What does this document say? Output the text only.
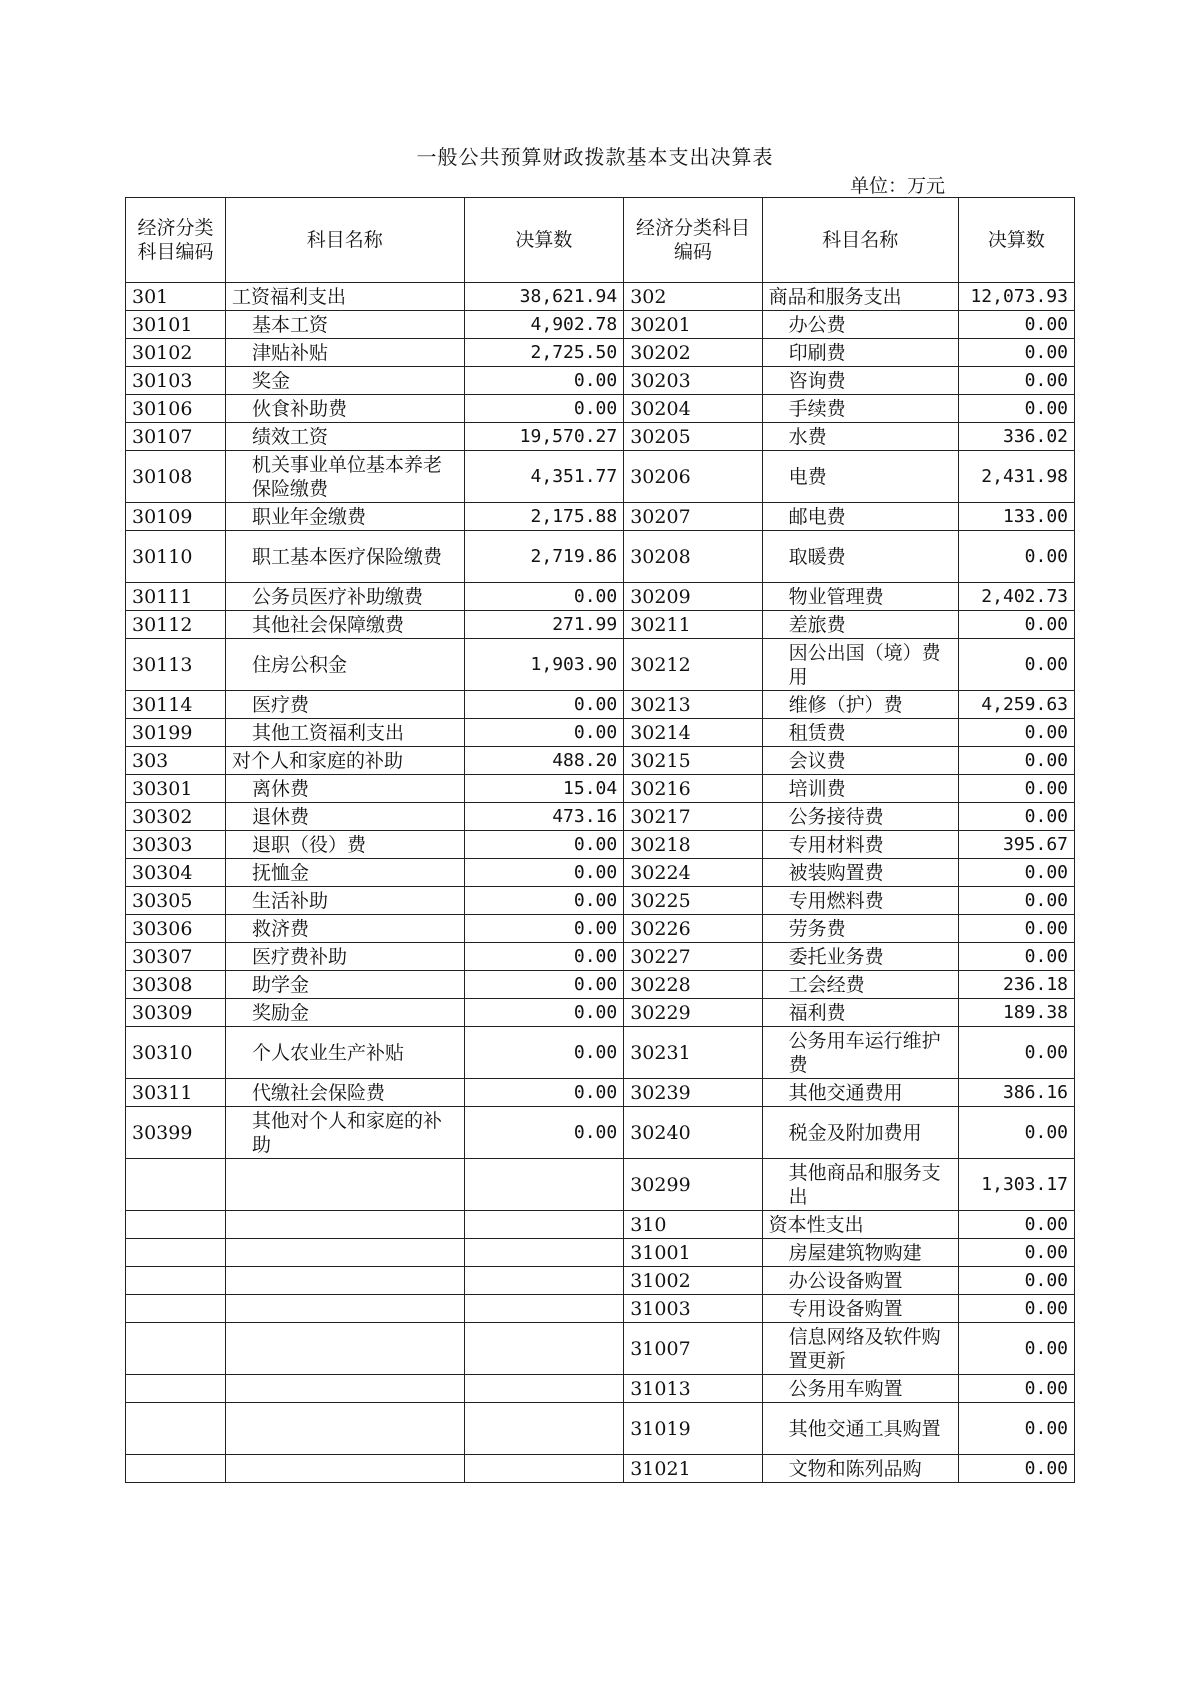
一般公共预算财政拨款基本支出决算表
单位：万元
经济分类科目编码	科目名称	决算数	经济分类科目编码	科目名称	决算数
301	工资福利支出	38,621.94	302	商品和服务支出	12,073.93
30101	基本工资	4,902.78	30201	办公费	0.00
30102	津贴补贴	2,725.50	30202	印刷费	0.00
30103	奖金	0.00	30203	咨询费	0.00
30106	伙食补助费	0.00	30204	手续费	0.00
30107	绩效工资	19,570.27	30205	水费	336.02
30108	机关事业单位基本养老保险缴费	4,351.77	30206	电费	2,431.98
30109	职业年金缴费	2,175.88	30207	邮电费	133.00
30110	职工基本医疗保险缴费	2,719.86	30208	取暖费	0.00
30111	公务员医疗补助缴费	0.00	30209	物业管理费	2,402.73
30112	其他社会保障缴费	271.99	30211	差旅费	0.00
30113	住房公积金	1,903.90	30212	因公出国（境）费用	0.00
30114	医疗费	0.00	30213	维修（护）费	4,259.63
30199	其他工资福利支出	0.00	30214	租赁费	0.00
303	对个人和家庭的补助	488.20	30215	会议费	0.00
30301	离休费	15.04	30216	培训费	0.00
30302	退休费	473.16	30217	公务接待费	0.00
30303	退职（役）费	0.00	30218	专用材料费	395.67
30304	抚恤金	0.00	30224	被装购置费	0.00
30305	生活补助	0.00	30225	专用燃料费	0.00
30306	救济费	0.00	30226	劳务费	0.00
30307	医疗费补助	0.00	30227	委托业务费	0.00
30308	助学金	0.00	30228	工会经费	236.18
30309	奖励金	0.00	30229	福利费	189.38
30310	个人农业生产补贴	0.00	30231	公务用车运行维护费	0.00
30311	代缴社会保险费	0.00	30239	其他交通费用	386.16
30399	其他对个人和家庭的补助	0.00	30240	税金及附加费用	0.00
			30299	其他商品和服务支出	1,303.17
			310	资本性支出	0.00
			31001	房屋建筑物购建	0.00
			31002	办公设备购置	0.00
			31003	专用设备购置	0.00
			31007	信息网络及软件购置更新	0.00
			31013	公务用车购置	0.00
			31019	其他交通工具购置	0.00
			31021	文物和陈列品购	0.00
